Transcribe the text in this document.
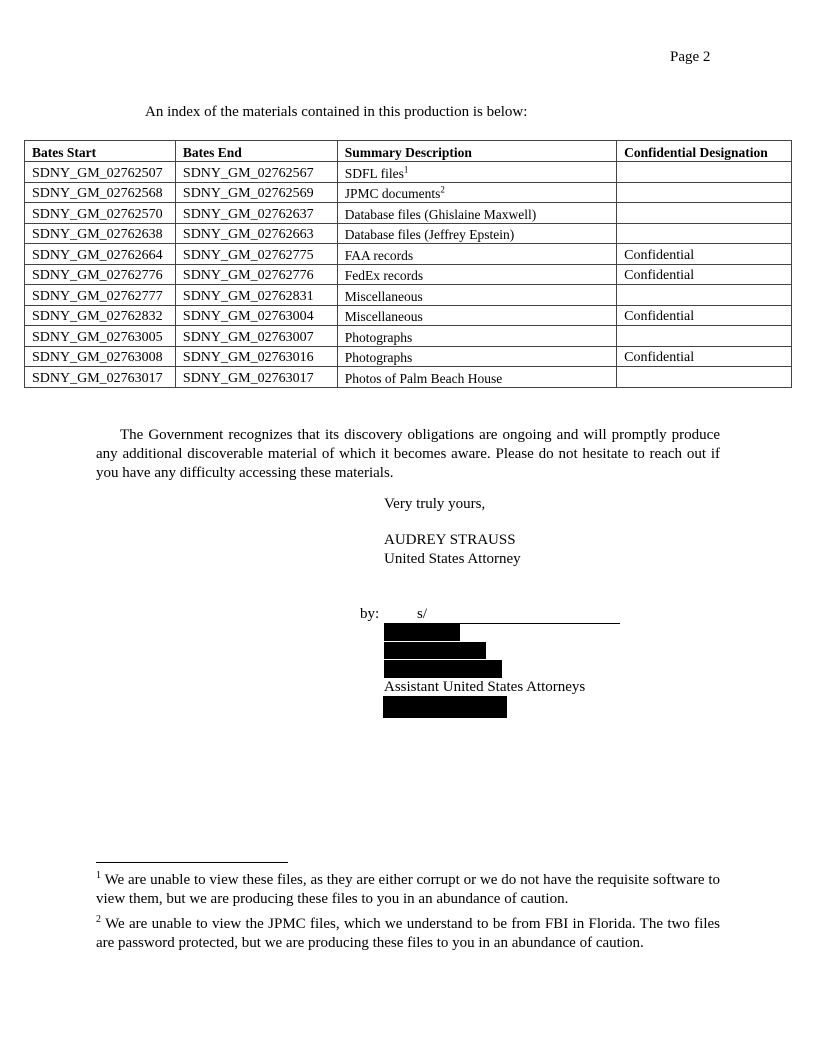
Page 2
An index of the materials contained in this production is below:
Bates Start	Bates End	Summary Description	Confidential Designation
SDNY_GM_02762507	SDNY_GM_02762567	SDFL files$^1$	
SDNY_GM_02762568	SDNY_GM_02762569	JPMC documents$^2$	
SDNY_GM_02762570	SDNY_GM_02762637	Database files (Ghislaine Maxwell)	
SDNY_GM_02762638	SDNY_GM_02762663	Database files (Jeffrey Epstein)	
SDNY_GM_02762664	SDNY_GM_02762775	FAA records	Confidential
SDNY_GM_02762776	SDNY_GM_02762776	FedEx records	Confidential
SDNY_GM_02762777	SDNY_GM_02762831	Miscellaneous	
SDNY_GM_02762832	SDNY_GM_02763004	Miscellaneous	Confidential
SDNY_GM_02763005	SDNY_GM_02763007	Photographs	
SDNY_GM_02763008	SDNY_GM_02763016	Photographs	Confidential
SDNY_GM_02763017	SDNY_GM_02763017	Photos of Palm Beach House	

The Government recognizes that its discovery obligations are ongoing and will promptly produce any additional discoverable material of which it becomes aware. Please do not hesitate to reach out if you have any difficulty accessing these materials.

Very truly yours,
AUDREY STRAUSS
United States Attorney
by:	s/
Assistant United States Attorneys

$^1$ We are unable to view these files, as they are either corrupt or we do not have the requisite software to view them, but we are producing these files to you in an abundance of caution.

$^2$ We are unable to view the JPMC files, which we understand to be from FBI in Florida. The two files are password protected, but we are producing these files to you in an abundance of caution.
